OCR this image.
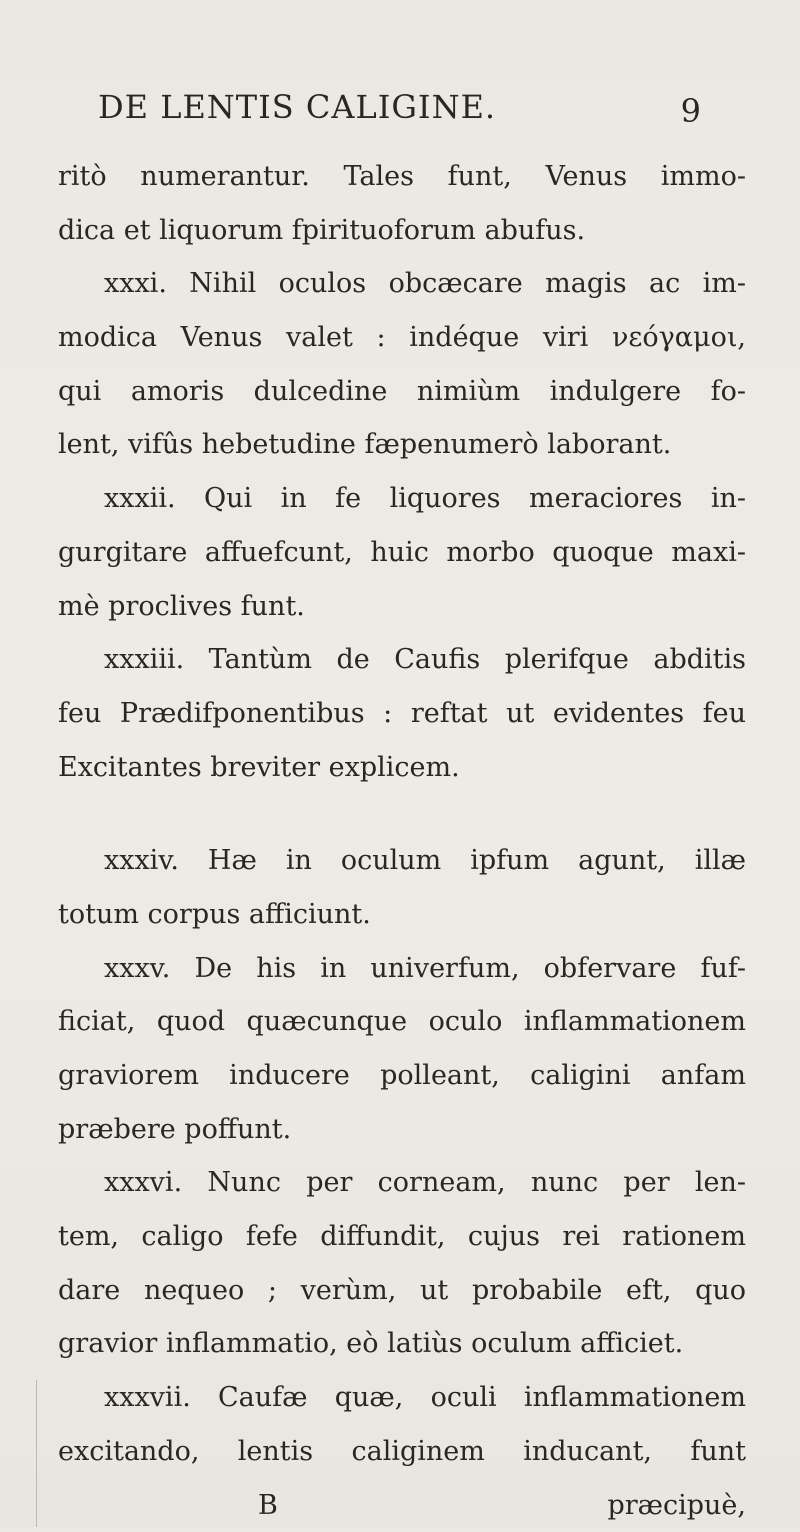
DE LENTIS CALIGINE.	9
ritò numerantur. Tales funt, Venus immo-
dica et liquorum fpirituoforum abufus.
xxxi. Nihil oculos obcæcare magis ac im-
modica Venus valet : indéque viri νεόγαμοι,
qui amoris dulcedine nimiùm indulgere fo-
lent, vifûs hebetudine fæpenumerò laborant.
xxxii. Qui in fe liquores meraciores in-
gurgitare affuefcunt, huic morbo quoque maxi-
mè proclives funt.
xxxiii. Tantùm de Caufis plerifque abditis
feu Prædifponentibus : reftat ut evidentes feu
Excitantes breviter explicem.
xxxiv. Hæ in oculum ipfum agunt, illæ
totum corpus afficiunt.
xxxv. De his in univerfum, obfervare fuf-
ficiat, quod quæcunque oculo inflammationem
graviorem inducere polleant, caligini anfam
præbere poffunt.
xxxvi. Nunc per corneam, nunc per len-
tem, caligo fefe diffundit, cujus rei rationem
dare nequeo ; verùm, ut probabile eft, quo
gravior inflammatio, eò latiùs oculum afficiet.
xxxvii. Caufæ quæ, oculi inflammationem
excitando, lentis caliginem inducant, funt
B	præcipuè,
